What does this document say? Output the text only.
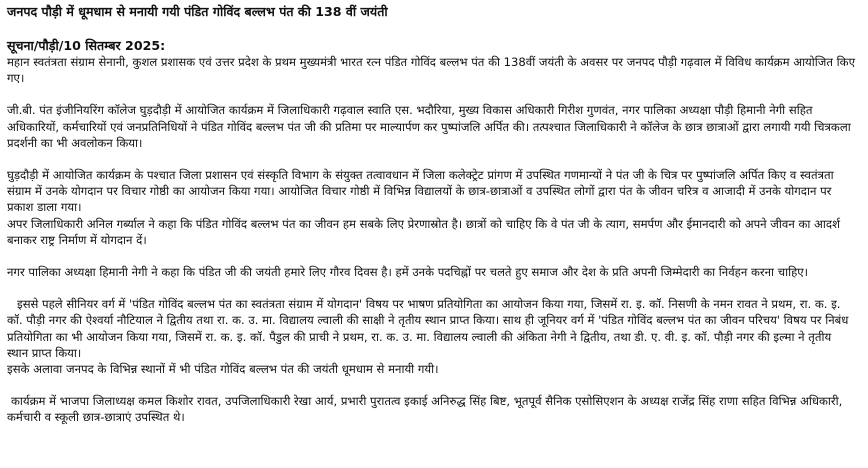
जनपद पौड़ी में धूमधाम से मनायी गयी पंडित गोविंद बल्लभ पंत की 138 वीं जयंती
सूचना/पौड़ी/10 सितम्बर 2025:

महान स्वतंत्रता संग्राम सेनानी, कुशल प्रशासक एवं उत्तर प्रदेश के प्रथम मुख्यमंत्री भारत रत्न पंडित गोविंद बल्लभ पंत की 138वीं जयंती के अवसर पर जनपद पौड़ी गढ़वाल में विविध कार्यक्रम आयोजित किए गए।

जी.बी. पंत इंजीनियरिंग कॉलेज घुड़दौड़ी में आयोजित कार्यक्रम में जिलाधिकारी गढ़वाल स्वाति एस. भदौरिया, मुख्य विकास अधिकारी गिरीश गुणवंत, नगर पालिका अध्यक्षा पौड़ी हिमानी नेगी सहित अधिकारियों, कर्मचारियों एवं जनप्रतिनिधियों ने पंडित गोविंद बल्लभ पंत जी की प्रतिमा पर माल्यार्पण कर पुष्पांजलि अर्पित की। तत्पश्चात जिलाधिकारी ने कॉलेज के छात्र छात्राओं द्वारा लगायी गयी चित्रकला प्रदर्शनी का भी अवलोकन किया।

घुड़दौड़ी में आयोजित कार्यक्रम के पश्चात जिला प्रशासन एवं संस्कृति विभाग के संयुक्त तत्वावधान में जिला कलेक्ट्रेट प्रांगण में उपस्थित गणमान्यों ने पंत जी के चित्र पर पुष्पांजलि अर्पित किए व स्वतंत्रता संग्राम में उनके योगदान पर विचार गोष्ठी का आयोजन किया गया। आयोजित विचार गोष्ठी में विभिन्न विद्यालयों के छात्र-छात्राओं व उपस्थित लोगों द्वारा पंत के जीवन चरित्र व आजादी में उनके योगदान पर प्रकाश डाला गया।

अपर जिलाधिकारी अनिल गर्ब्याल ने कहा कि पंडित गोविंद बल्लभ पंत का जीवन हम सबके लिए प्रेरणास्रोत है। छात्रों को चाहिए कि वे पंत जी के त्याग, समर्पण और ईमानदारी को अपने जीवन का आदर्श बनाकर राष्ट्र निर्माण में योगदान दें।

नगर पालिका अध्यक्षा हिमानी नेगी ने कहा कि पंडित जी की जयंती हमारे लिए गौरव दिवस है। हमें उनके पदचिह्नों पर चलते हुए समाज और देश के प्रति अपनी जिम्मेदारी का निर्वहन करना चाहिए।

इससे पहले सीनियर वर्ग में 'पंडित गोविंद बल्लभ पंत का स्वतंत्रता संग्राम में योगदान' विषय पर भाषण प्रतियोगिता का आयोजन किया गया, जिसमें रा. इ. कॉ. निसणी के नमन रावत ने प्रथम, रा. क. इ. कॉ. पौड़ी नगर की ऐश्वर्या नौटियाल ने द्वितीय तथा रा. क. उ. मा. विद्यालय ल्वाली की साक्षी ने तृतीय स्थान प्राप्त किया। साथ ही जूनियर वर्ग में 'पंडित गोविंद बल्लभ पंत का जीवन परिचय' विषय पर निबंध प्रतियोगिता का भी आयोजन किया गया, जिसमें रा. क. इ. कॉ. पैडुल की प्राची ने प्रथम, रा. क. उ. मा. विद्यालय ल्वाली की अंकिता नेगी ने द्वितीय, तथा डी. ए. वी. इ. कॉ. पौड़ी नगर की इल्मा ने तृतीय स्थान प्राप्त किया।

इसके अलावा जनपद के विभिन्न स्थानों में भी पंडित गोविंद बल्लभ पंत की जयंती धूमधाम से मनायी गयी।

कार्यक्रम में भाजपा जिलाध्यक्ष कमल किशोर रावत, उपजिलाधिकारी रेखा आर्य, प्रभारी पुरातत्व इकाई अनिरुद्ध सिंह बिष्ट, भूतपूर्व सैनिक एसोसिएशन के अध्यक्ष राजेंद्र सिंह राणा सहित विभिन्न अधिकारी, कर्मचारी व स्कूली छात्र-छात्राएं उपस्थित थे।
